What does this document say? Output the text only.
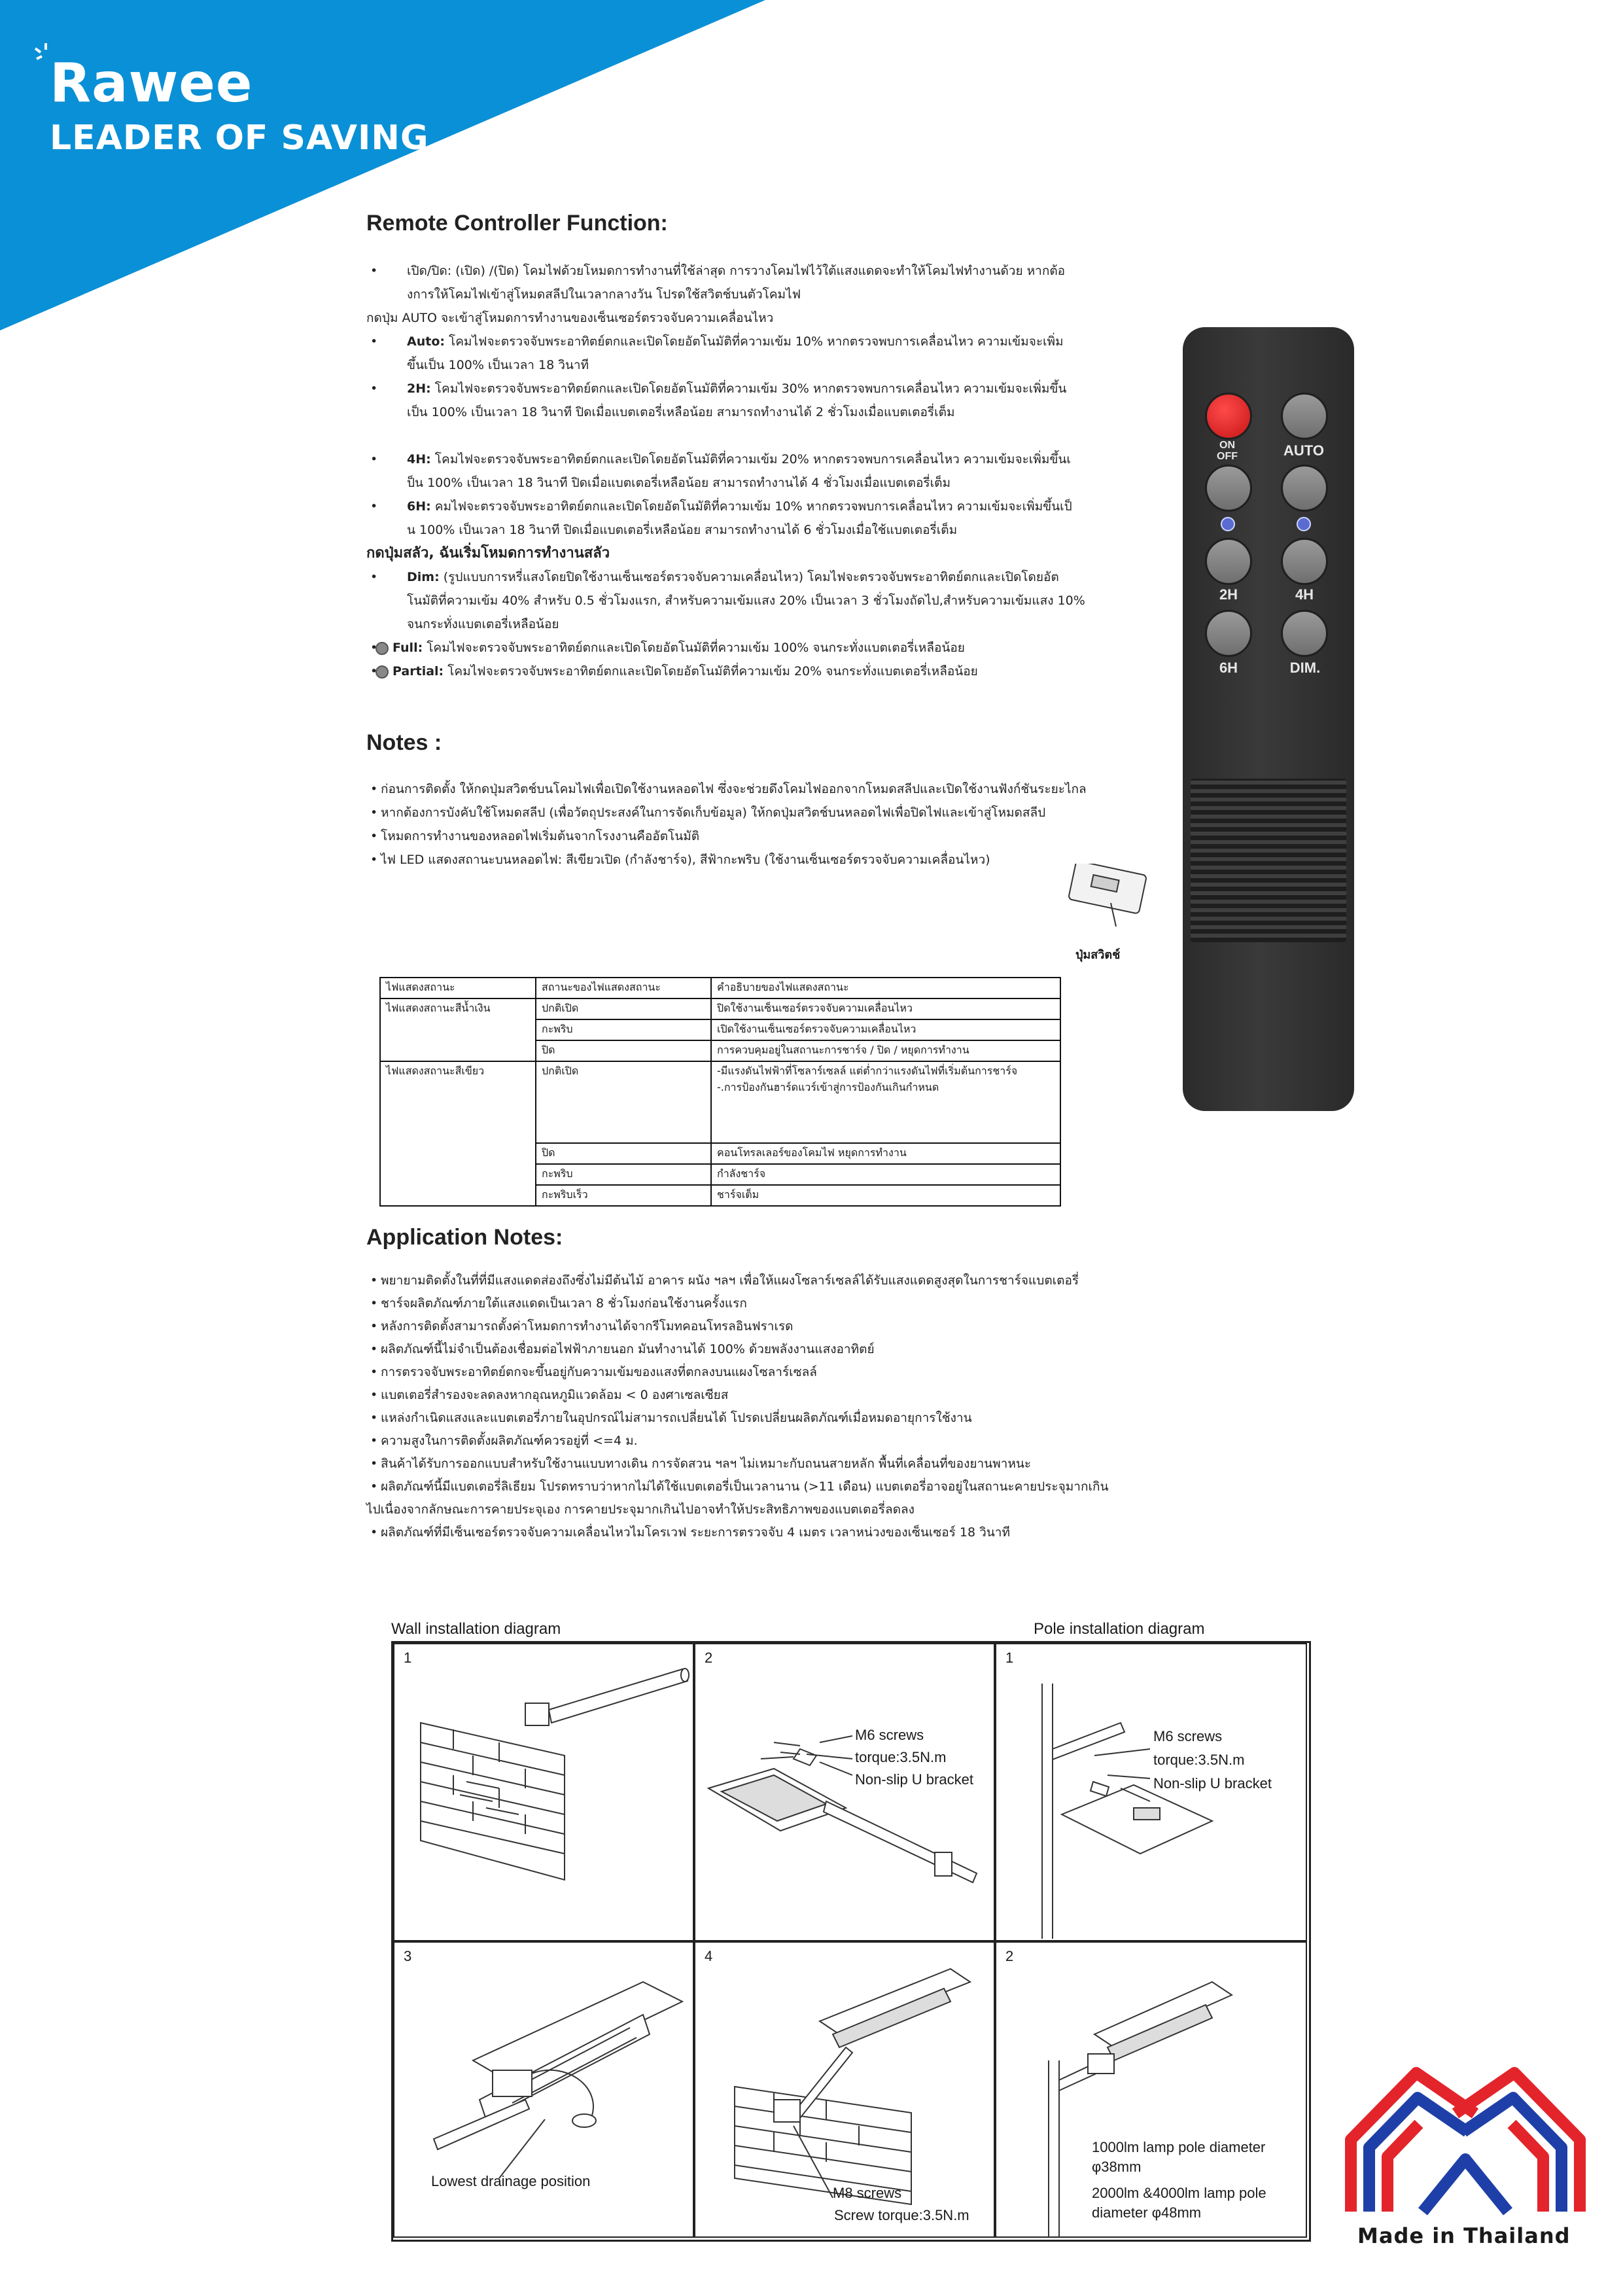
Rawee
LEADER OF SAVING
Remote Controller Function:

• เปิด/ปิด: (เปิด) /(ปิด) โคมไฟด้วยโหมดการทำงานที่ใช้ล่าสุด การวางโคมไฟไว้ใต้แสงแดดจะทำให้โคมไฟทำงานด้วย หากต้อ

งการให้โคมไฟเข้าสู่โหมดสลีปในเวลากลางวัน โปรดใช้สวิตช์บนตัวโคมไฟ

กดปุ่ม AUTO จะเข้าสู่โหมดการทำงานของเซ็นเซอร์ตรวจจับความเคลื่อนไหว

• Auto: โคมไฟจะตรวจจับพระอาทิตย์ตกและเปิดโดยอัตโนมัติที่ความเข้ม 10% หากตรวจพบการเคลื่อนไหว ความเข้มจะเพิ่ม

ขึ้นเป็น 100% เป็นเวลา 18 วินาที

• 2H: โคมไฟจะตรวจจับพระอาทิตย์ตกและเปิดโดยอัตโนมัติที่ความเข้ม 30% หากตรวจพบการเคลื่อนไหว ความเข้มจะเพิ่มขึ้น

เป็น 100% เป็นเวลา 18 วินาที ปิดเมื่อแบตเตอรี่เหลือน้อย สามารถทำงานได้ 2 ชั่วโมงเมื่อแบตเตอรี่เต็ม

• 4H: โคมไฟจะตรวจจับพระอาทิตย์ตกและเปิดโดยอัตโนมัติที่ความเข้ม 20% หากตรวจพบการเคลื่อนไหว ความเข้มจะเพิ่มขึ้นเ

ป็น 100% เป็นเวลา 18 วินาที ปิดเมื่อแบตเตอรี่เหลือน้อย สามารถทำงานได้ 4 ชั่วโมงเมื่อแบตเตอรี่เต็ม

• 6H: คมไฟจะตรวจจับพระอาทิตย์ตกและเปิดโดยอัตโนมัติที่ความเข้ม 10% หากตรวจพบการเคลื่อนไหว ความเข้มจะเพิ่มขึ้นเป็

น 100% เป็นเวลา 18 วินาที ปิดเมื่อแบตเตอรี่เหลือน้อย สามารถทำงานได้ 6 ชั่วโมงเมื่อใช้แบตเตอรี่เต็ม

กดปุ่มสลัว, ฉันเริ่มโหมดการทำงานสลัว

• Dim: (รูปแบบการหรี่แสงโดยปิดใช้งานเซ็นเซอร์ตรวจจับความเคลื่อนไหว) โคมไฟจะตรวจจับพระอาทิตย์ตกและเปิดโดยอัต

โนมัติที่ความเข้ม 40% สำหรับ 0.5 ชั่วโมงแรก, สำหรับความเข้มแสง 20% เป็นเวลา 3 ชั่วโมงถัดไป,สำหรับความเข้มแสง 10%

จนกระทั่งแบตเตอรี่เหลือน้อย

• Full: โคมไฟจะตรวจจับพระอาทิตย์ตกและเปิดโดยอัตโนมัติที่ความเข้ม 100% จนกระทั่งแบตเตอรี่เหลือน้อย

• Partial: โคมไฟจะตรวจจับพระอาทิตย์ตกและเปิดโดยอัตโนมัติที่ความเข้ม 20% จนกระทั่งแบตเตอรี่เหลือน้อย

ON OFF	AUTO
2H	4H
6H	DIM.
Notes :

• ก่อนการติดตั้ง ให้กดปุ่มสวิตช์บนโคมไฟเพื่อเปิดใช้งานหลอดไฟ ซึ่งจะช่วยดึงโคมไฟออกจากโหมดสลีปและเปิดใช้งานฟังก์ชันระยะไกล

• หากต้องการบังคับใช้โหมดสลีป (เพื่อวัตถุประสงค์ในการจัดเก็บข้อมูล) ให้กดปุ่มสวิตช์บนหลอดไฟเพื่อปิดไฟและเข้าสู่โหมดสลีป

• โหมดการทำงานของหลอดไฟเริ่มต้นจากโรงงานคืออัตโนมัติ

• ไฟ LED แสดงสถานะบนหลอดไฟ: สีเขียวเปิด (กำลังชาร์จ), สีฟ้ากะพริบ (ใช้งานเซ็นเซอร์ตรวจจับความเคลื่อนไหว)

ปุ่มสวิตช์
ไฟแสดงสถานะ	สถานะของไฟแสดงสถานะ	คำอธิบายของไฟแสดงสถานะ
ไฟแสดงสถานะสีน้ำเงิน	ปกติเปิด	ปิดใช้งานเซ็นเซอร์ตรวจจับความเคลื่อนไหว
	กะพริบ	เปิดใช้งานเซ็นเซอร์ตรวจจับความเคลื่อนไหว
	ปิด	การควบคุมอยู่ในสถานะการชาร์จ / ปิด / หยุดการทำงาน
ไฟแสดงสถานะสีเขียว	ปกติเปิด	-มีแรงดันไฟฟ้าที่โซลาร์เซลล์ แต่ต่ำกว่าแรงดันไฟที่เริ่มต้นการชาร์จ
-.การป้องกันฮาร์ดแวร์เข้าสู่การป้องกันเกินกำหนด
	ปิด	คอนโทรลเลอร์ของโคมไฟ หยุดการทำงาน
	กะพริบ	กำลังชาร์จ
	กะพริบเร็ว	ชาร์จเต็ม
Application Notes:

• พยายามติดตั้งในที่ที่มีแสงแดดส่องถึงซึ่งไม่มีต้นไม้ อาคาร ผนัง ฯลฯ เพื่อให้แผงโซลาร์เซลล์ได้รับแสงแดดสูงสุดในการชาร์จแบตเตอรี่

• ชาร์จผลิตภัณฑ์ภายใต้แสงแดดเป็นเวลา 8 ชั่วโมงก่อนใช้งานครั้งแรก

• หลังการติดตั้งสามารถตั้งค่าโหมดการทำงานได้จากรีโมทคอนโทรลอินฟราเรด

• ผลิตภัณฑ์นี้ไม่จำเป็นต้องเชื่อมต่อไฟฟ้าภายนอก มันทำงานได้ 100% ด้วยพลังงานแสงอาทิตย์

• การตรวจจับพระอาทิตย์ตกจะขึ้นอยู่กับความเข้มของแสงที่ตกลงบนแผงโซลาร์เซลล์

• แบตเตอรี่สำรองจะลดลงหากอุณหภูมิแวดล้อม < 0 องศาเซลเซียส

• แหล่งกำเนิดแสงและแบตเตอรี่ภายในอุปกรณ์ไม่สามารถเปลี่ยนได้ โปรดเปลี่ยนผลิตภัณฑ์เมื่อหมดอายุการใช้งาน

• ความสูงในการติดตั้งผลิตภัณฑ์ควรอยู่ที่ <=4 ม.

• สินค้าได้รับการออกแบบสำหรับใช้งานแบบทางเดิน การจัดสวน ฯลฯ ไม่เหมาะกับถนนสายหลัก พื้นที่เคลื่อนที่ของยานพาหนะ

• ผลิตภัณฑ์นี้มีแบตเตอรี่ลิเธียม โปรดทราบว่าหากไม่ได้ใช้แบตเตอรี่เป็นเวลานาน (>11 เดือน) แบตเตอรี่อาจอยู่ในสถานะคายประจุมากเกิน

ไปเนื่องจากลักษณะการคายประจุเอง การคายประจุมากเกินไปอาจทำให้ประสิทธิภาพของแบตเตอรี่ลดลง

• ผลิตภัณฑ์ที่มีเซ็นเซอร์ตรวจจับความเคลื่อนไหวไมโครเวฟ ระยะการตรวจจับ 4 เมตร เวลาหน่วงของเซ็นเซอร์ 18 วินาที

Wall installation diagram	Pole installation diagram
1	2
M6 screws
torque:3.5N.m
Non-slip U bracket
1
M6 screws
torque:3.5N.m
Non-slip U bracket
3
Lowest drainage position
4
M8 screws
Screw torque:3.5N.m
2
1000lm lamp pole diameter
φ38mm
2000lm &4000lm lamp pole
diameter φ48mm
Made in Thailand
